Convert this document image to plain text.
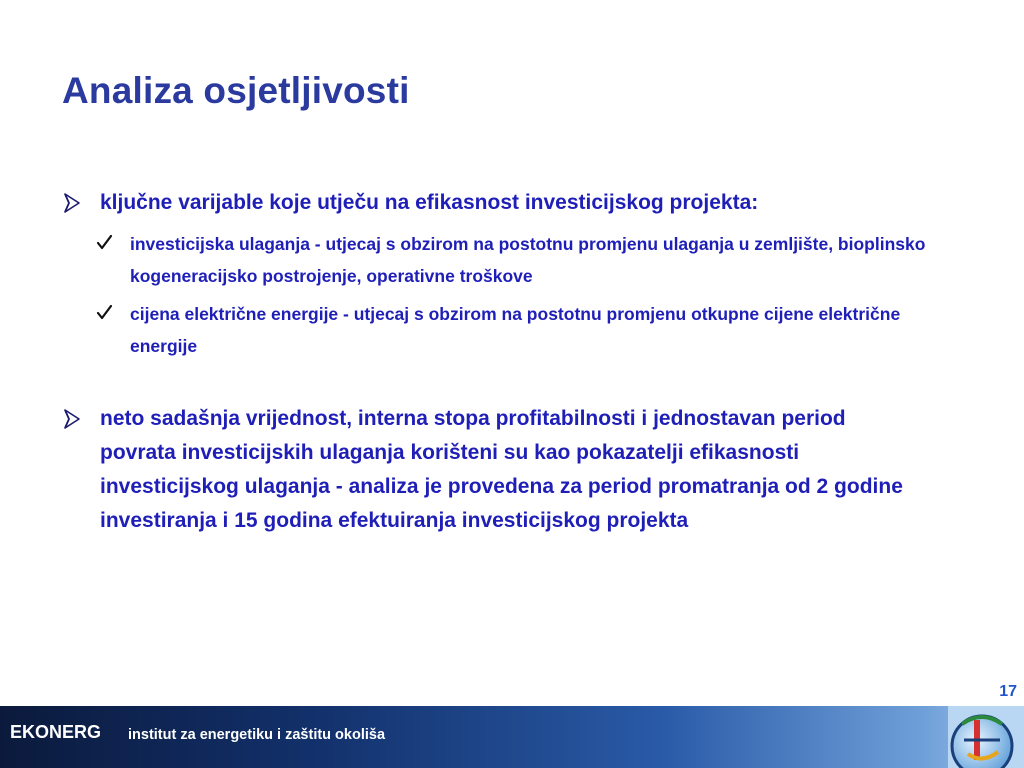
Analiza osjetljivosti
ključne varijable koje utječu na efikasnost investicijskog projekta:
investicijska ulaganja - utjecaj s obzirom na postotnu promjenu ulaganja u zemljište, bioplinsko kogeneracijsko postrojenje, operativne troškove
cijena električne energije - utjecaj s obzirom na postotnu promjenu otkupne cijene električne energije
neto sadašnja vrijednost, interna stopa profitabilnosti i jednostavan period povrata investicijskih ulaganja korišteni su kao pokazatelji efikasnosti investicijskog ulaganja - analiza je provedena za period promatranja od 2 godine investiranja i 15 godina efektuiranja investicijskog projekta
17
EKONERG institut za energetiku i zaštitu okoliša
